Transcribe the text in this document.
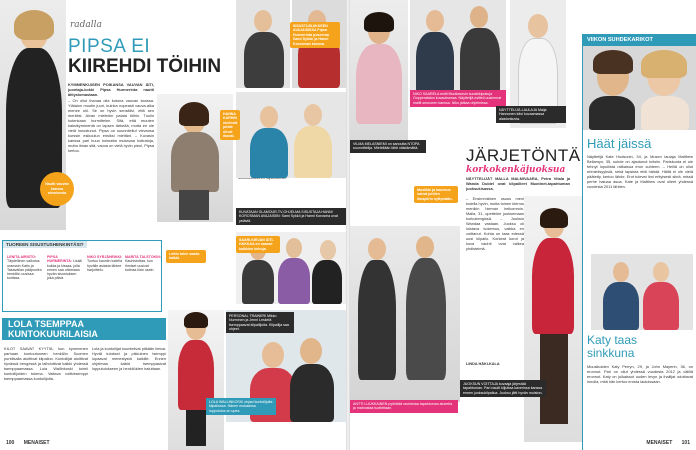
radalla
PIPSA EI
KIIREHDI TÖIHIN
KYMMENKUISEN POIKANSA VAUVAN ÄITI, juontaja-kokki Pipsa Hurmerinta nautti äitiyslomastaan.
– On ollut ihanaa olla kotona vauvan kanssa. Ylätalon muutin juuri, kuinka nopeasti vauva-aika menee ohi. Se on hyvin sensitiivi, että sen merkitsi. Aivan mieletön palata töihin. Tuolin kutenkaan hurmittelen. Sitä, että muuten kaksikymmentä on lapsen tärkeää, mutta en ole vielä innostunut. Pipsa on suunnitellut vievansa kurssin esikoulun ensiksi mieltäni. – Kuvasin kanssa pari kuun kolmatta mukavaa kotiratoja, mutta ilman sitä, vauva on vielä hyvin pieni, Pipsa kertoo.
SISUSTUSLIIKKEEN AVAJAISISSA Pipsa Hurmerinta poseeraa Sami Sykön ja Hanni Korosman kanssa.
HANNA KARHIN mielestä juhlat olivat ihanat.
KUVATAAN GLAMOUR-TV-OHJELMA SISUSTAJA HANNI KOROSMAN AVAJAISIIN: Sami Sykkö ja Hanni Korosma ovat ystäviä.
Nautti vauvan kanssa olemisesta
SAARI-KIRJAN ÄITI-HAKKAA on saanut kaikkien kehuja.
TUOREEN SISUSTUSHENKINTÄSI?
LENITA AIRISTO: Täydellinen vaikutus oranssin Katin ja Tasavallan pääpuolen henkilön uusissa kodissa.
PIPSA HURMERINTA: Lisää kukka ja kissaa, jolla ennen saa ottamaan hyvän sisustuksen joka päivä.
NIKO SYRJÄHEIKKI: Tuntuu kauniin todella hyvälle asiasta lähtee harjoittelu.
MARITA TALSTOKIN: Kauhistuttaa, kun ihmiset uusivat kotinsa liian usein.
Lettin tulee saada kaikki.
LOLA TSEMPPAA KUNTOKUURILAISIA
KILOT SAAVAT KYYTIÄ, kun kymmenen parhaan kuntoutuneen henkilön Suomen punttisalla aloittivat kilpailun. Kuntoilijat aloittivat hyvässä hengessä ja laihduttivat kaikki yhdessä tsemppaamassa. Lola Wallinkoski toimii kuntoilijoiden tukena. Valtava voittotsemppi tsemppaamassa kuntoilijoita.
Lola ja kuntoilijat kuuntelivat pitkään tietoa. Hyvät tulokset ja pikkuinen tsemppi lupaavat menestystä kaikille. Ennen ohjelmaa kaikki tsemppasivat lopputulokseen ja henkilöiden haluttaan.
PERSONAL TRAINERI Mikko Nurminen ja Jenni Leskelä tsemppaavat kilpailijoita. Kilpailija saa ohjeet.
LOLA WALLINKOSKI ohjasi kuntoilijoita kilpailussa. Hänen mukaansa lopputulos on upea.
100 MENAISET
NIKO SAARELA esitti Muotiasosin suosikkipukuja Oopperatalon kuvauksessa. Näyttelijä esitteli uusimmat mallit seurueen kanssa. Niko jatkaa ohjelmissa.
NÄYTTELIJÄ-LAULAJA Maija Hannonen kävi kuvaamassa alastonkuvia.
VILMA MELASNIEMI on sanoutta NTOPA suunnittelija. Mieleltään lähti väistämättä.	JÄRJETÖNTÄ
korkokenkäjuoksua
NÄYTTELIJÄT MALLA MALMIVAARA, Petra Vitala ja Wanda Dubiel ovat kilpailleet Muotinet-tapahtuman juoksukisassa.
– Ensimmäinen osuus meni todella hyvin, mutta toinen kierros menikin hieman heikommin. Malla, 31, opettelee juoksemaan korkokengissä. – Juoksin Wandaa vastaan. Juoksu oli loistava kokemus, vaikka en voittanut. Kohta on taas edessä uusi kilpailu. Korkeat korot ja kova vauhti ovat vaikea yhdistelmä.
Musiikki ja kauneus saivat juhlien ilmapiirin syttymään.
ANTTI LUUKKAINEN pyörittää ravintolaa tapahtuman alueella ja mainostaa tuotteitaan.
JUOKSUN VOITTAJA kuvaaja järjestää tapahtuman. Pari nautti kiljuttaa kaverinsa kanssa ennen juoksukilpailua. Juoksu jätti hyvän muiston.
LINDA HÄKI-KALA
VIIKON SUHDEKARIKOT
Häät jäissä
Näyttelijä Kate Hudsonin, 34, ja Musen laulaja Matthew Bellamyn, 35, suhde on ajautunut kriisiin. Pariskunta ei ole tehnyt lopullista ratkaisua eron suhteen. – Heillä on ollut erimielisyyksiä, sekä lapsista että häistä. Häitä ei ole vielä päätetty, kertoo lähde. Erot tulevat ilmi erityisesti siinä, missä perhe haluaa asua. Kate ja Matthew ovat olleet yhdessä vuodesta 2011 lähtien.
Katy taas sinkkuna
Muusikoiden Katy Perryn, 29, ja John Mayerin, 36, on eronnut. Pari on ollut yhdessä vuodesta 2012 ja välillä eronnut. Katy on julkaissut uuden levyn ja ihailijat odottavat innolla, mitä hän kertoo erosta lauluissaan.
MENAISET 101
